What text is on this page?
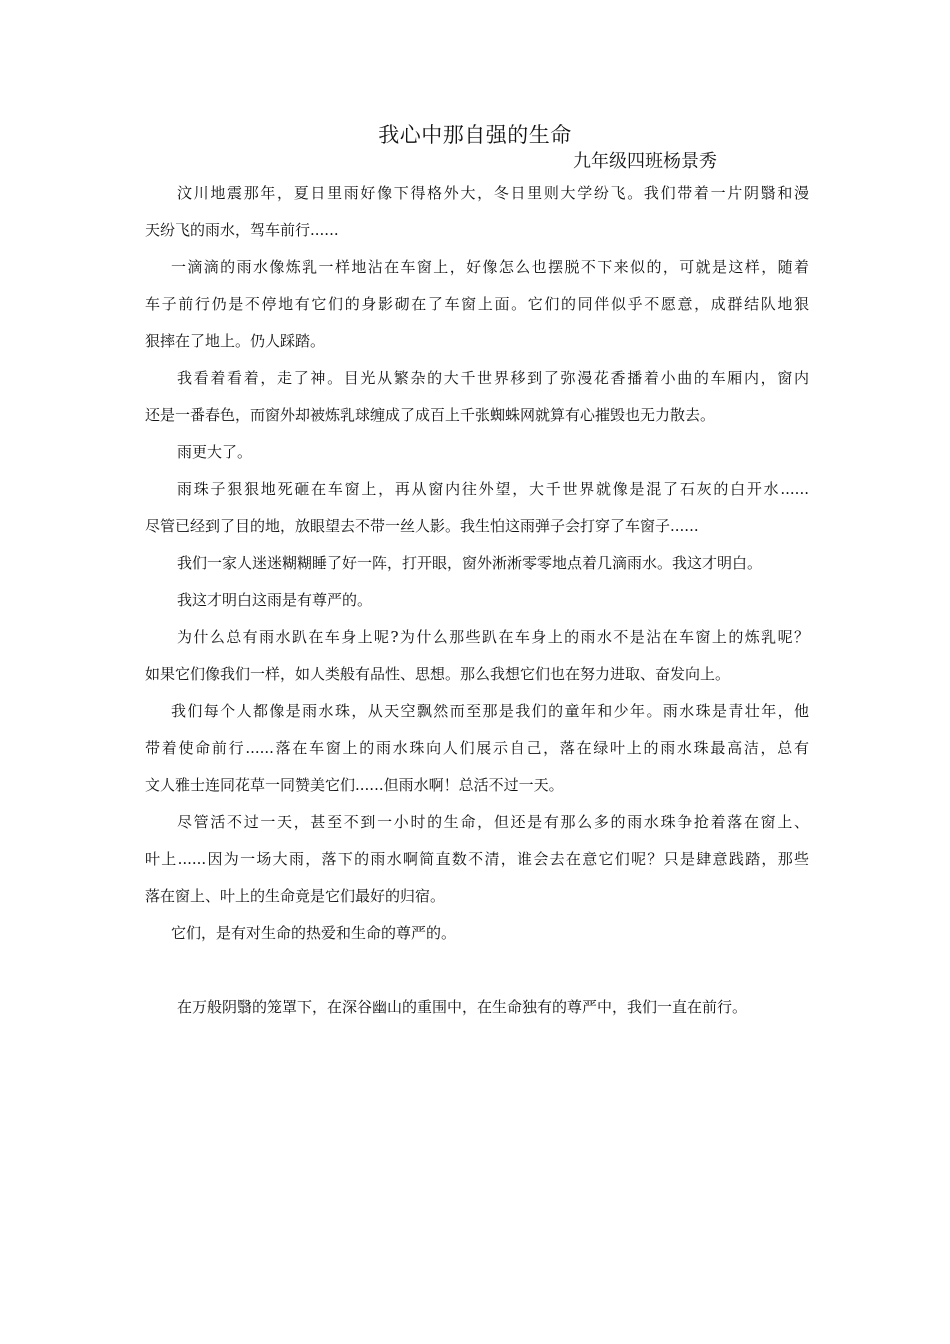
我心中那自强的生命
九年级四班杨景秀
汶川地震那年，夏日里雨好像下得格外大，冬日里则大学纷飞。我们带着一片阴翳和漫
天纷飞的雨水，驾车前行......
一滴滴的雨水像炼乳一样地沾在车窗上，好像怎么也摆脱不下来似的，可就是这样，随着
车子前行仍是不停地有它们的身影砌在了车窗上面。它们的同伴似乎不愿意，成群结队地狠
狠摔在了地上。仍人踩踏。
我看着看着，走了神。目光从繁杂的大千世界移到了弥漫花香播着小曲的车厢内，窗内
还是一番春色，而窗外却被炼乳球缠成了成百上千张蜘蛛网就算有心摧毁也无力散去。
雨更大了。
雨珠子狠狠地死砸在车窗上，再从窗内往外望，大千世界就像是混了石灰的白开水......
尽管已经到了目的地，放眼望去不带一丝人影。我生怕这雨弹子会打穿了车窗子......
我们一家人迷迷糊糊睡了好一阵，打开眼，窗外淅淅零零地点着几滴雨水。我这才明白。
我这才明白这雨是有尊严的。
为什么总有雨水趴在车身上呢?为什么那些趴在车身上的雨水不是沾在车窗上的炼乳呢？
如果它们像我们一样，如人类般有品性、思想。那么我想它们也在努力进取、奋发向上。
我们每个人都像是雨水珠，从天空飘然而至那是我们的童年和少年。雨水珠是青壮年，他
带着使命前行......落在车窗上的雨水珠向人们展示自己，落在绿叶上的雨水珠最高洁，总有
文人雅士连同花草一同赞美它们......但雨水啊！总活不过一天。
尽管活不过一天，甚至不到一小时的生命，但还是有那么多的雨水珠争抢着落在窗上、
叶上......因为一场大雨，落下的雨水啊简直数不清，谁会去在意它们呢？只是肆意践踏，那些
落在窗上、叶上的生命竟是它们最好的归宿。
它们，是有对生命的热爱和生命的尊严的。
在万般阴翳的笼罩下，在深谷幽山的重围中，在生命独有的尊严中，我们一直在前行。
